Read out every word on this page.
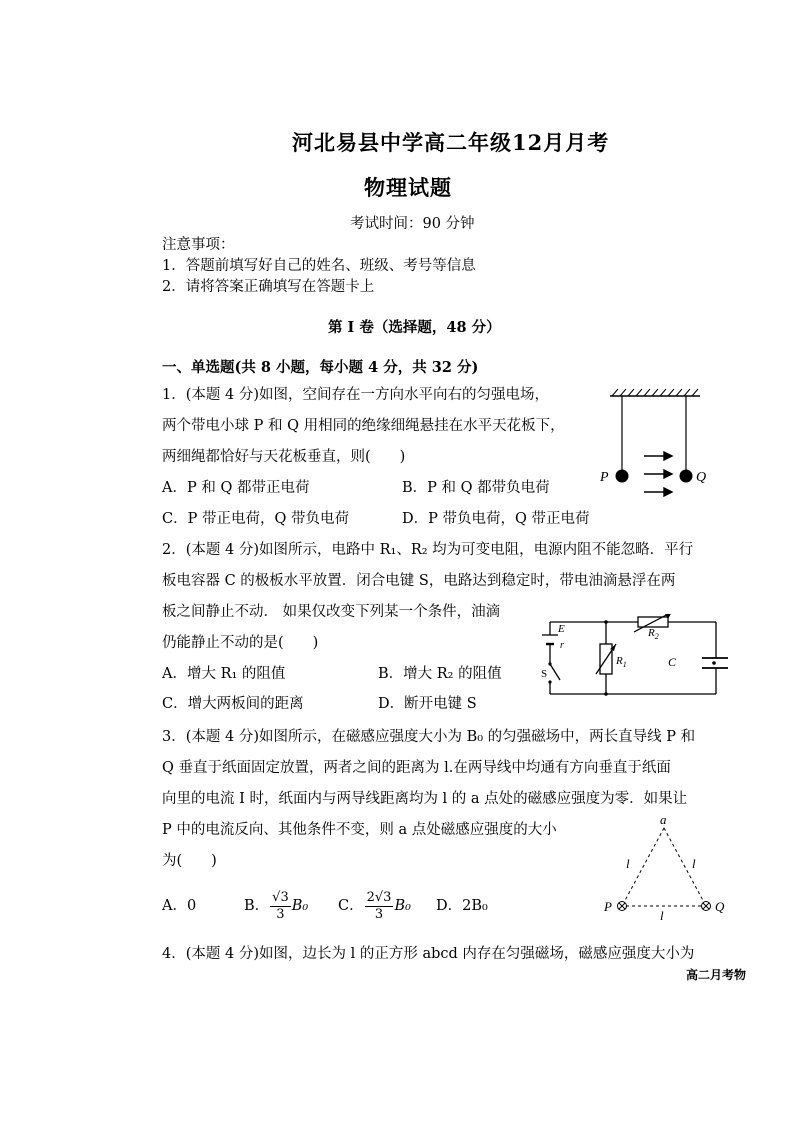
河北易县中学高二年级12月月考
物理试题
考试时间：90 分钟
注意事项：
1．答题前填写好自己的姓名、班级、考号等信息
2．请将答案正确填写在答题卡上
第 I 卷（选择题，48 分）
一、单选题(共 8 小题，每小题 4 分，共 32 分)
1．(本题 4 分)如图，空间存在一方向水平向右的匀强电场，
两个带电小球 P 和 Q 用相同的绝缘细绳悬挂在水平天花板下，
两细绳都恰好与天花板垂直，则(　　)
A．P 和 Q 都带正电荷	B．P 和 Q 都带负电荷
C．P 带正电荷，Q 带负电荷	D．P 带负电荷，Q 带正电荷
P	Q
2．(本题 4 分)如图所示，电路中 R₁、R₂ 均为可变电阻，电源内阻不能忽略．平行
板电容器 C 的极板水平放置．闭合电键 S，电路达到稳定时，带电油滴悬浮在两
板之间静止不动． 如果仅改变下列某一个条件，油滴
仍能静止不动的是(　　)
A．增大 R₁ 的阻值	B．增大 R₂ 的阻值
C．增大两板间的距离	D．断开电键 S
E
r
S
$R_1$
$R_2$
C
3．(本题 4 分)如图所示，在磁感应强度大小为 B₀ 的匀强磁场中，两长直导线 P 和
Q 垂直于纸面固定放置，两者之间的距离为 l.在两导线中均通有方向垂直于纸面
向里的电流 I 时，纸面内与两导线距离均为 l 的 a 点处的磁感应强度为零．如果让
P 中的电流反向、其他条件不变，则 a 点处磁感应强度的大小
为(　　)
A．0	B． $\frac{√3}{3} B_0$ C． $\frac{2√3}{3} B_0$ D．2B₀
a
l	l
l
P	Q
4．(本题 4 分)如图，边长为 l 的正方形 abcd 内存在匀强磁场，磁感应强度大小为
高二月考物
